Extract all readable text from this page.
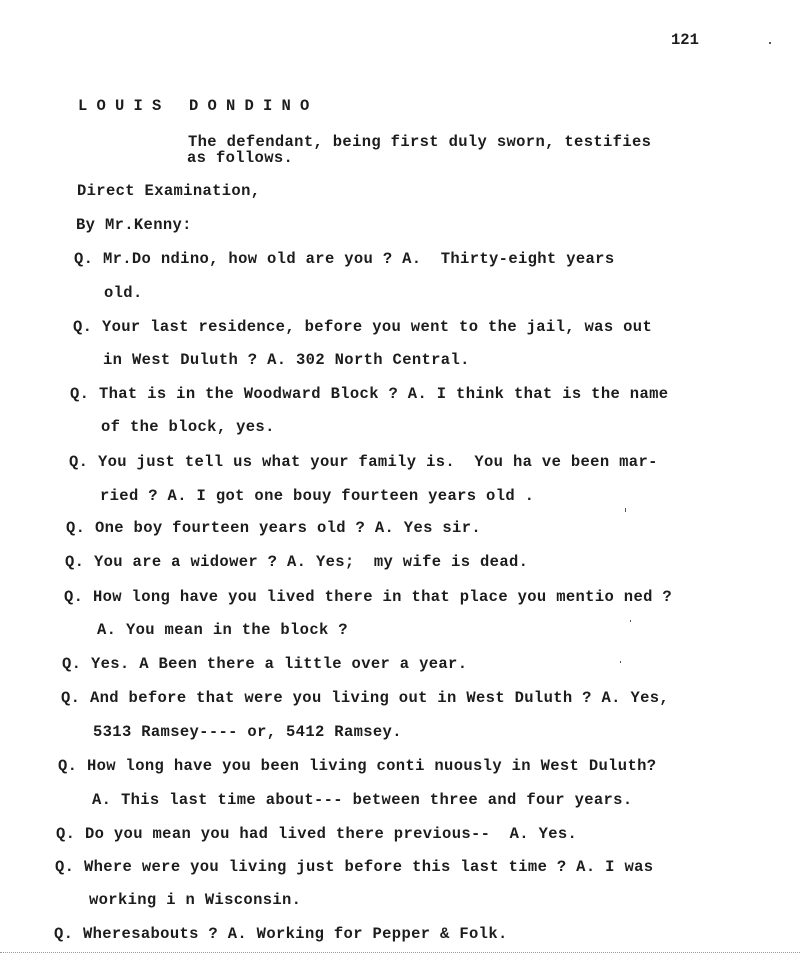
121
LOUIS DONDINO
The defendant, being first duly sworn, testifies
as follows.
Direct Examination,
By Mr.Kenny:
Q. Mr.Do ndino, how old are you ? A.  Thirty-eight years
old.
Q. Your last residence, before you went to the jail, was out
in West Duluth ? A. 302 North Central.
Q. That is in the Woodward Block ? A. I think that is the name
of the block, yes.
Q. You just tell us what your family is.  You ha ve been mar-
ried ? A. I got one bouy fourteen years old .
Q. One boy fourteen years old ? A. Yes sir.
Q. You are a widower ? A. Yes;  my wife is dead.
Q. How long have you lived there in that place you mentio ned ?
A. You mean in the block ?
Q. Yes. A Been there a little over a year.
Q. And before that were you living out in West Duluth ? A. Yes,
5313 Ramsey---- or, 5412 Ramsey.
Q. How long have you been living conti nuously in West Duluth?
A. This last time about--- between three and four years.
Q. Do you mean you had lived there previous--  A. Yes.
Q. Where were you living just before this last time ? A. I was
working i n Wisconsin.
Q. Wheresabouts ? A. Working for Pepper & Folk.
